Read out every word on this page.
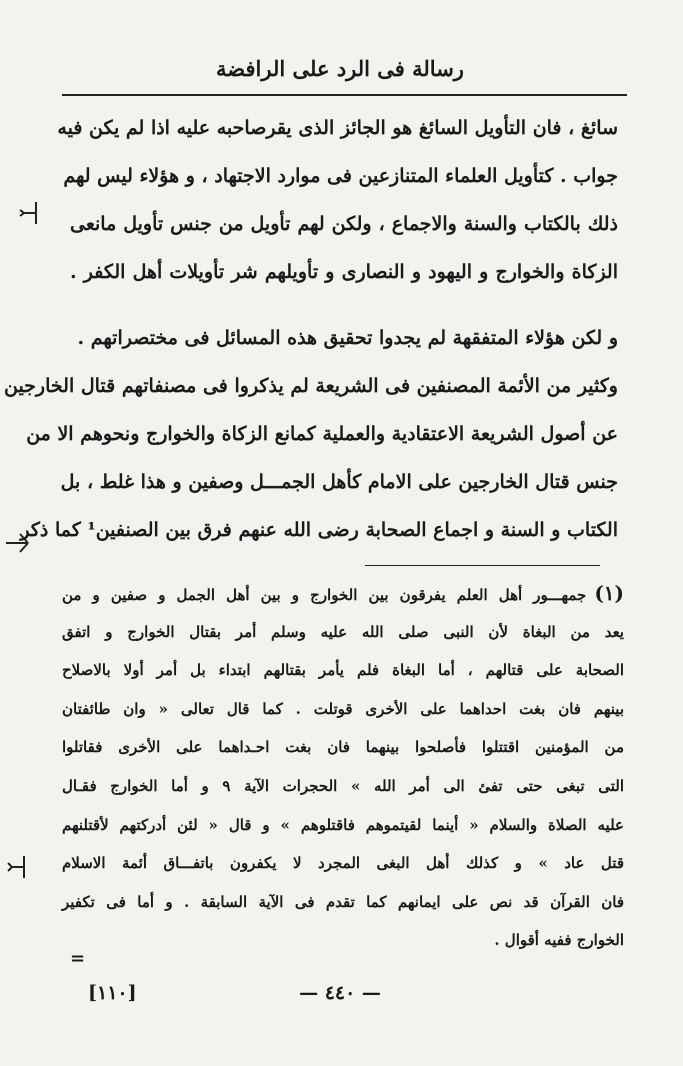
رسالة فى الرد على الرافضة
سائغ ، فان التأويل السائغ هو الجائز الذى يقرصاحبه عليه اذا لم يكن فيه
جواب . كتأويل العلماء المتنازعين فى موارد الاجتهاد ، و هؤلاء ليس لهم
ذلك بالكتاب والسنة والاجماع ، ولكن لهم تأويل من جنس تأويل مانعى
الزكاة والخوارج و اليهود و النصارى و تأويلهم شر تأويلات أهل الكفر .
و لكن هؤلاء المتفقهة لم يجدوا تحقيق هذه المسائل فى مختصراتهم .
وكثير من الأئمة المصنفين فى الشريعة لم يذكروا فى مصنفاتهم قتال الخارجين
عن أصول الشريعة الاعتقادية والعملية كمانع الزكاة والخوارج ونحوهم الا من
جنس قتال الخارجين على الامام كأهل الجمـــل وصفين و هذا غلط ، بل
الكتاب و السنة و اجماع الصحابة رضى الله عنهم فرق بين الصنفين¹ كما ذكر
(١)جمهـــور أهل العلم يفرقون بين الخوارج و بين أهل الجمل و صفين و من
يعد من البغاة لأن النبى صلى الله عليه وسلم أمر بقتال الخوارج و اتفق
الصحابة على قتالهم ، أما البغاة فلم يأمر بقتالهم ابتداء بل أمر أولا بالاصلاح
بينهم فان بغت احداهما على الأخرى قوتلت . كما قال تعالى « وان طائفتان
من المؤمنين اقتتلوا فأصلحوا بينهما فان بغت احـداهما على الأخرى فقاتلوا
التى تبغى حتى تفئ الى أمر الله » الحجرات الآية ٩ و أما الخوارج فقـال
عليه الصلاة والسلام « أينما لقيتموهم فاقتلوهم » و قال « لئن أدركتهم لأقتلنهم
قتل عاد » و كذلك أهل البغى المجرد لا يكفرون باتفـــاق أئمة الاسلام
فان القرآن قد نص على ايمانهم كما تقدم فى الآية السابقة . و أما فى تكفير
الخوارج ففيه أقوال .
=
— ٤٤٠ —
[١١٠]
